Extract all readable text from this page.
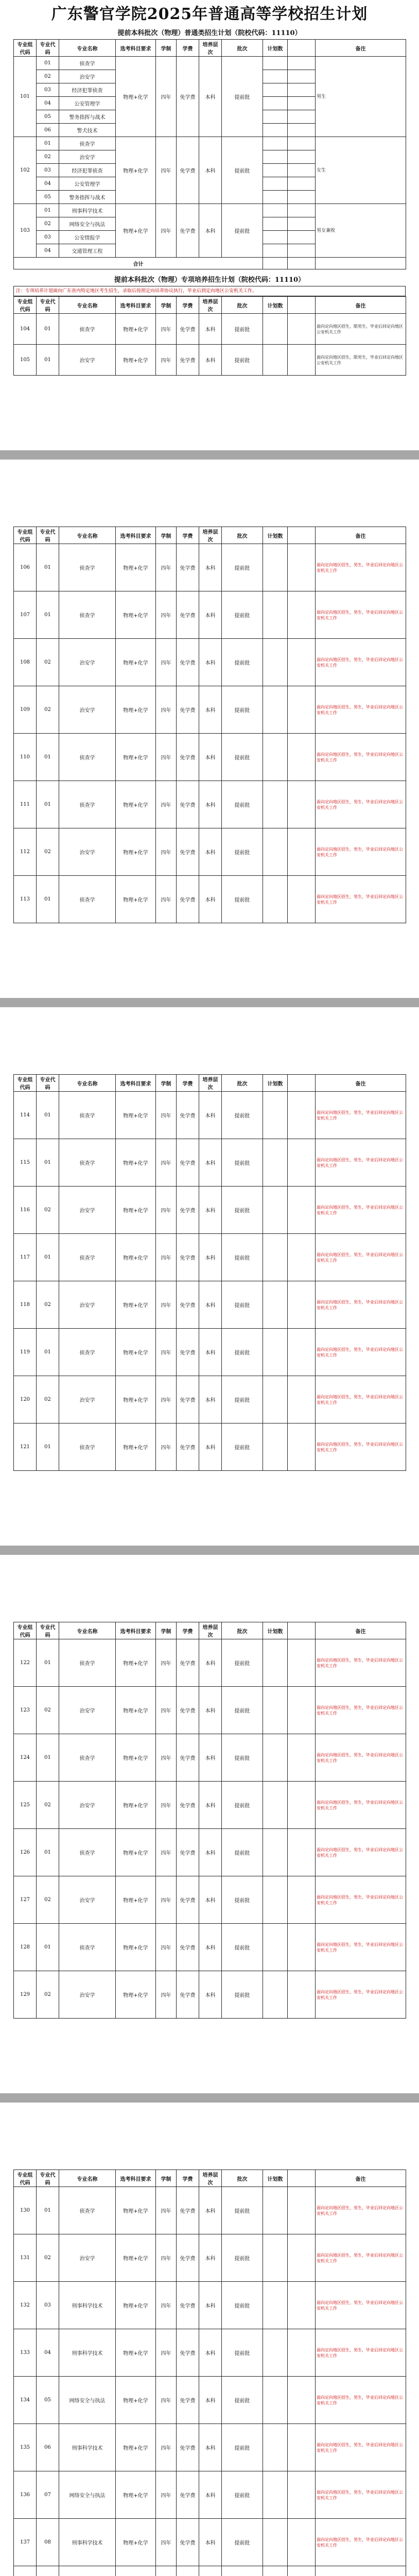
广东警官学院2025年普通高等学校招生计划
提前本科批次（物理）普通类招生计划（院校代码：11110）
专业组代码	专业代码	专业名称	选考科目要求	学制	学费	培养层次	批次	计划数		备注
101	01	侦查学	物理+化学	四年	免学费	本科	提前批			男生
	02	治安学								
	03	经济犯罪侦查								
	04	公安管理学								
	05	警务指挥与战术								
	06	警犬技术								
102	01	侦查学	物理+化学	四年	免学费	本科	提前批			女生
	02	治安学								
	03	经济犯罪侦查								
	04	公安管理学								
	05	警务指挥与战术								
103	01	刑事科学技术	物理+化学	四年	免学费	本科	提前批			男女兼收
	02	网络安全与执法								
	03	公安情报学								
	04	交通管理工程								
合计										
提前本科批次（物理）专项培养招生计划（院校代码：11110）
注：专项培养计划面向广东省内特定地区考生招生，录取后按照定向培养协议执行，毕业后到定向地区公安机关工作。
专业组代码	专业代码	专业名称	选考科目要求	学制	学费	培养层次	批次	计划数		备注
104	01	侦查学	物理+化学	四年	免学费	本科	提前批			面向定向地区招生，限男生，毕业后回定向地区公安机关工作
105	01	治安学	物理+化学	四年	免学费	本科	提前批			面向定向地区招生，限男生，毕业后回定向地区公安机关工作
专业组代码	专业代码	专业名称	选考科目要求	学制	学费	培养层次	批次	计划数		备注
106	01	侦查学	物理+化学	四年	免学费	本科	提前批			面向定向地区招生，男生，毕业后回定向地区公安机关工作
107	01	侦查学	物理+化学	四年	免学费	本科	提前批			面向定向地区招生，男生，毕业后回定向地区公安机关工作
108	02	治安学	物理+化学	四年	免学费	本科	提前批			面向定向地区招生，男生，毕业后回定向地区公安机关工作
109	02	治安学	物理+化学	四年	免学费	本科	提前批			面向定向地区招生，男生，毕业后回定向地区公安机关工作
110	01	侦查学	物理+化学	四年	免学费	本科	提前批			面向定向地区招生，男生，毕业后回定向地区公安机关工作
111	01	侦查学	物理+化学	四年	免学费	本科	提前批			面向定向地区招生，男生，毕业后回定向地区公安机关工作
112	02	治安学	物理+化学	四年	免学费	本科	提前批			面向定向地区招生，男生，毕业后回定向地区公安机关工作
113	01	侦查学	物理+化学	四年	免学费	本科	提前批			面向定向地区招生，男生，毕业后回定向地区公安机关工作
专业组代码	专业代码	专业名称	选考科目要求	学制	学费	培养层次	批次	计划数		备注
114	01	侦查学	物理+化学	四年	免学费	本科	提前批			面向定向地区招生，男生，毕业后回定向地区公安机关工作
115	01	侦查学	物理+化学	四年	免学费	本科	提前批			面向定向地区招生，男生，毕业后回定向地区公安机关工作
116	02	治安学	物理+化学	四年	免学费	本科	提前批			面向定向地区招生，男生，毕业后回定向地区公安机关工作
117	01	侦查学	物理+化学	四年	免学费	本科	提前批			面向定向地区招生，男生，毕业后回定向地区公安机关工作
118	02	治安学	物理+化学	四年	免学费	本科	提前批			面向定向地区招生，男生，毕业后回定向地区公安机关工作
119	01	侦查学	物理+化学	四年	免学费	本科	提前批			面向定向地区招生，男生，毕业后回定向地区公安机关工作
120	02	治安学	物理+化学	四年	免学费	本科	提前批			面向定向地区招生，男生，毕业后回定向地区公安机关工作
121	01	侦查学	物理+化学	四年	免学费	本科	提前批			面向定向地区招生，男生，毕业后回定向地区公安机关工作
专业组代码	专业代码	专业名称	选考科目要求	学制	学费	培养层次	批次	计划数		备注
122	01	侦查学	物理+化学	四年	免学费	本科	提前批			面向定向地区招生，男生，毕业后回定向地区公安机关工作
123	02	治安学	物理+化学	四年	免学费	本科	提前批			面向定向地区招生，男生，毕业后回定向地区公安机关工作
124	01	侦查学	物理+化学	四年	免学费	本科	提前批			面向定向地区招生，男生，毕业后回定向地区公安机关工作
125	02	治安学	物理+化学	四年	免学费	本科	提前批			面向定向地区招生，男生，毕业后回定向地区公安机关工作
126	01	侦查学	物理+化学	四年	免学费	本科	提前批			面向定向地区招生，男生，毕业后回定向地区公安机关工作
127	02	治安学	物理+化学	四年	免学费	本科	提前批			面向定向地区招生，男生，毕业后回定向地区公安机关工作
128	01	侦查学	物理+化学	四年	免学费	本科	提前批			面向定向地区招生，男生，毕业后回定向地区公安机关工作
129	02	治安学	物理+化学	四年	免学费	本科	提前批			面向定向地区招生，男生，毕业后回定向地区公安机关工作
专业组代码	专业代码	专业名称	选考科目要求	学制	学费	培养层次	批次	计划数		备注
130	01	侦查学	物理+化学	四年	免学费	本科	提前批			面向定向地区招生，男生，毕业后回定向地区公安机关工作
131	02	治安学	物理+化学	四年	免学费	本科	提前批			面向定向地区招生，男生，毕业后回定向地区公安机关工作
132	03	刑事科学技术	物理+化学	四年	免学费	本科	提前批			面向定向地区招生，男生，毕业后回定向地区公安机关工作
133	04	刑事科学技术	物理+化学	四年	免学费	本科	提前批			面向定向地区招生，男生，毕业后回定向地区公安机关工作
134	05	网络安全与执法	物理+化学	四年	免学费	本科	提前批			面向定向地区招生，男生，毕业后回定向地区公安机关工作
135	06	刑事科学技术	物理+化学	四年	免学费	本科	提前批			面向定向地区招生，男生，毕业后回定向地区公安机关工作
136	07	网络安全与执法	物理+化学	四年	免学费	本科	提前批			面向定向地区招生，男生，毕业后回定向地区公安机关工作
137	08	刑事科学技术	物理+化学	四年	免学费	本科	提前批			面向定向地区招生，男生，毕业后回定向地区公安机关工作
